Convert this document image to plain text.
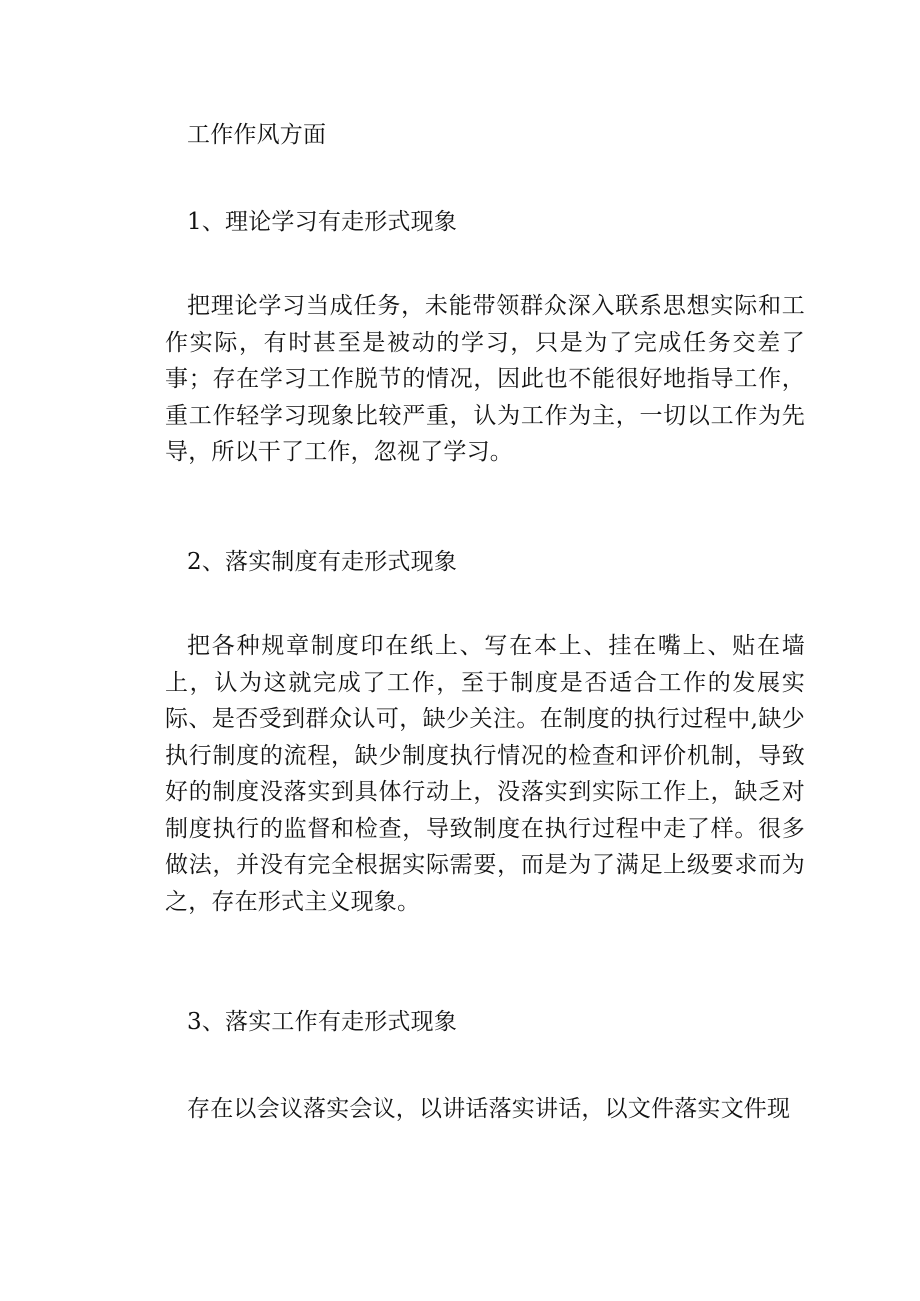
工作作风方面
1、理论学习有走形式现象
把理论学习当成任务，未能带领群众深入联系思想实际和工作实际，有时甚至是被动的学习，只是为了完成任务交差了事；存在学习工作脱节的情况，因此也不能很好地指导工作，重工作轻学习现象比较严重，认为工作为主，一切以工作为先导，所以干了工作，忽视了学习。
2、落实制度有走形式现象
把各种规章制度印在纸上、写在本上、挂在嘴上、贴在墙上，认为这就完成了工作，至于制度是否适合工作的发展实际、是否受到群众认可，缺少关注。在制度的执行过程中,缺少执行制度的流程，缺少制度执行情况的检查和评价机制，导致好的制度没落实到具体行动上，没落实到实际工作上，缺乏对制度执行的监督和检查，导致制度在执行过程中走了样。很多做法，并没有完全根据实际需要，而是为了满足上级要求而为之，存在形式主义现象。
3、落实工作有走形式现象
存在以会议落实会议，以讲话落实讲话，以文件落实文件现
